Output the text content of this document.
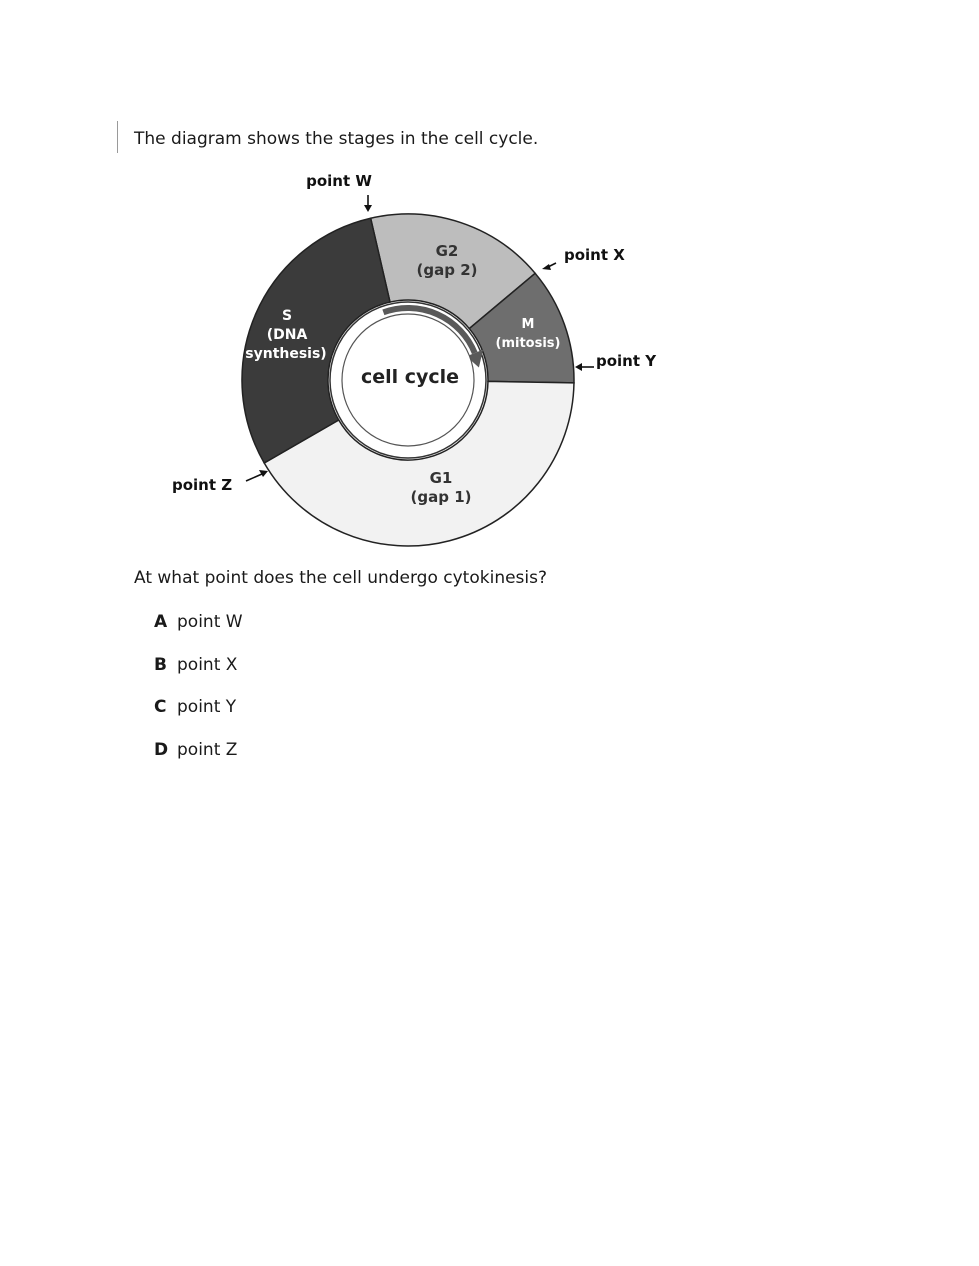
The diagram shows the stages in the cell cycle.
S
(DNA
synthesis)
G2
(gap 2)
M
(mitosis)
G1
(gap 1)
cell cycle
point W
point X
point Y
point Z
At what point does the cell undergo cytokinesis?
A point W
B point X
C point Y
D point Z
